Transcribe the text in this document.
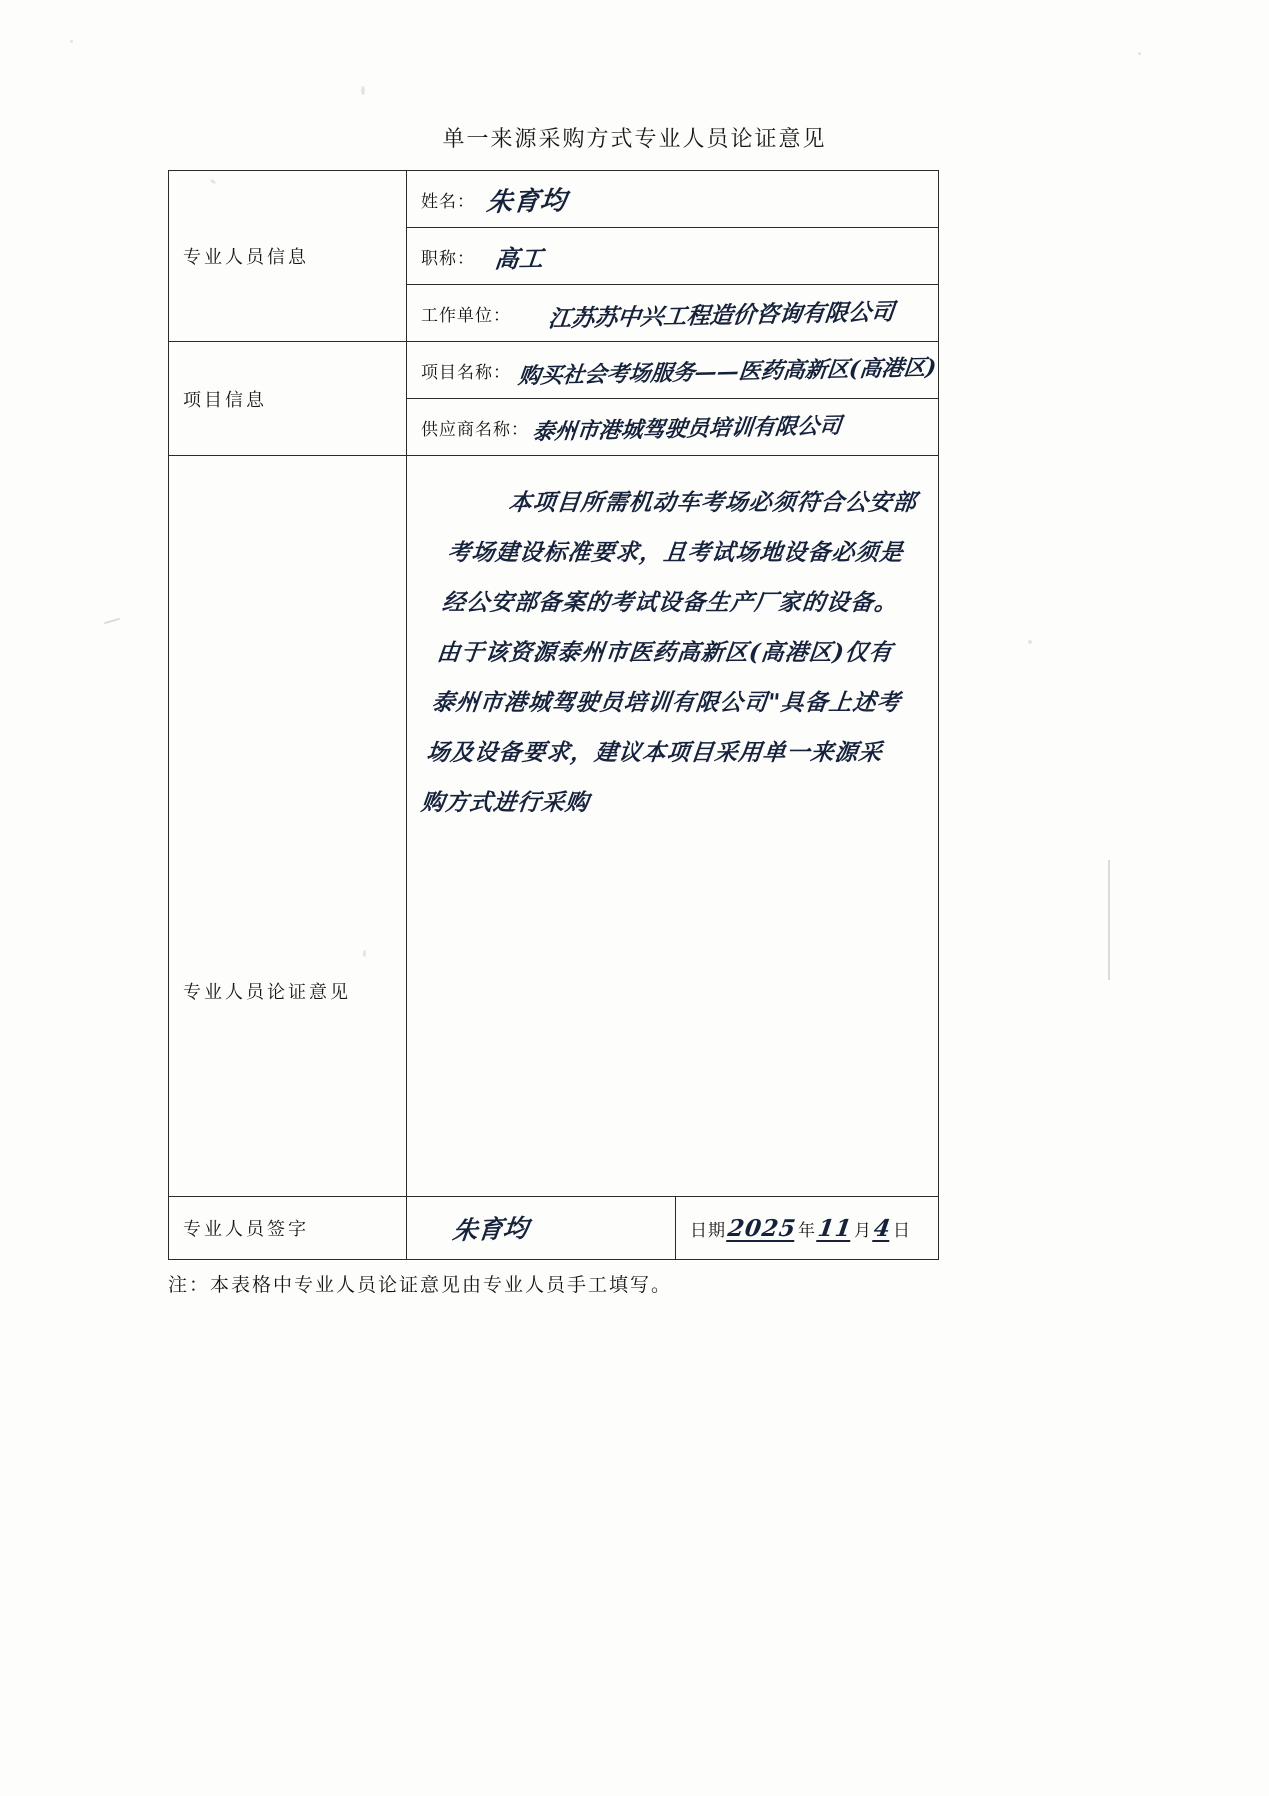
单一来源采购方式专业人员论证意见
专业人员信息	姓名： 朱育均

	职称： 高工

	工作单位： 江苏苏中兴工程造价咨询有限公司

项目信息	项目名称： 购买社会考场服务——医药高新区(高港区)

	供应商名称： 泰州市港城驾驶员培训有限公司

专业人员论证意见	本项目所需机动车考场必须符合公安部考场建设标准要求，且考试场地设备必须是经公安部备案的考试设备生产厂家的设备。由于该资源泰州市医药高新区(高港区)仅有泰州市港城驾驶员培训有限公司"具备上述考场及设备要求，建议本项目采用单一来源采购方式进行采购

专业人员签字	朱育均	日期 2025 年 11 月 4 日
注：本表格中专业人员论证意见由专业人员手工填写。
